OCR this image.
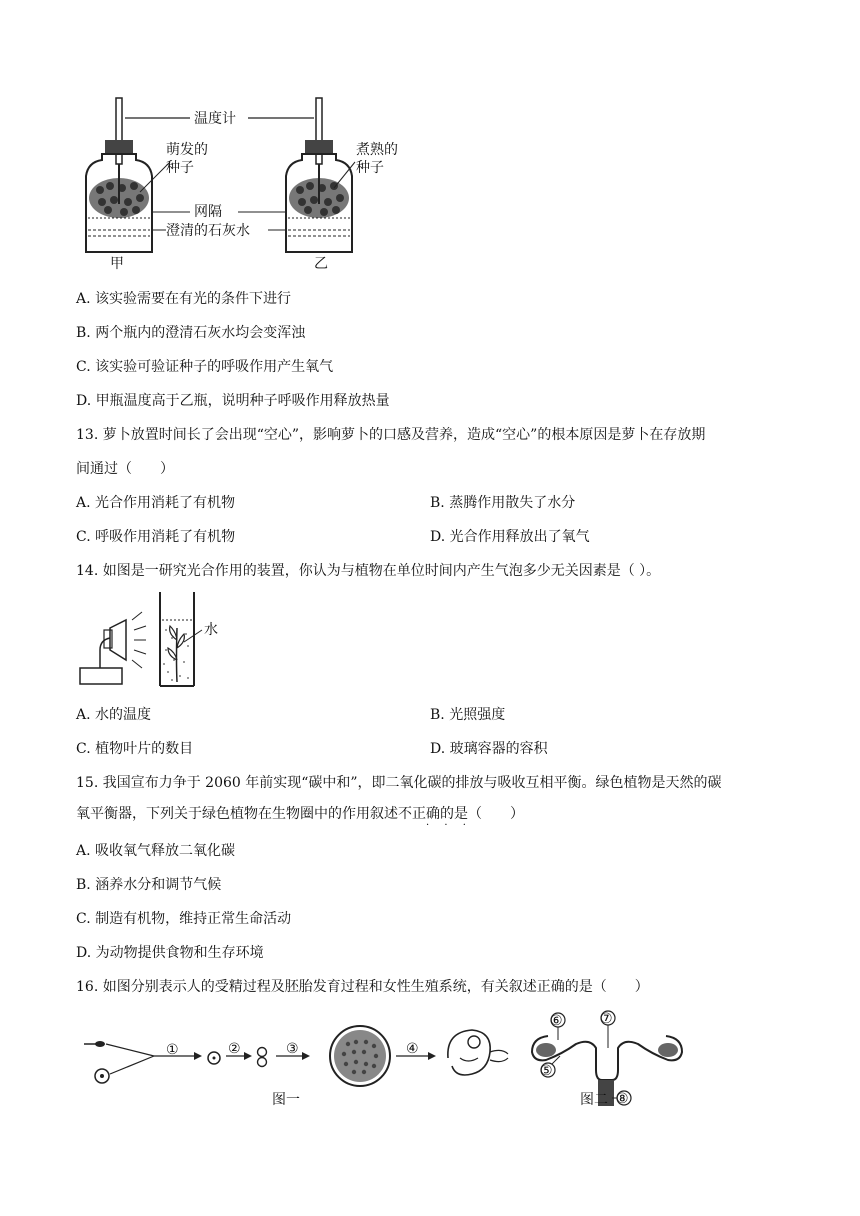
温度计
萌发的
种子
煮熟的
种子
网隔
澄清的石灰水
甲	乙
A. 该实验需要在有光的条件下进行
B. 两个瓶内的澄清石灰水均会变浑浊
C. 该实验可验证种子的呼吸作用产生氧气
D. 甲瓶温度高于乙瓶，说明种子呼吸作用释放热量
13. 萝卜放置时间长了会出现“空心”，影响萝卜的口感及营养，造成“空心”的根本原因是萝卜在存放期
间通过（　　）
A. 光合作用消耗了有机物	B. 蒸腾作用散失了水分
C. 呼吸作用消耗了有机物	D. 光合作用释放出了氧气
14. 如图是一研究光合作用的装置，你认为与植物在单位时间内产生气泡多少无关因素是（ ）。
水
A. 水的温度	B. 光照强度
C. 植物叶片的数目	D. 玻璃容器的容积
15. 我国宣布力争于 2060 年前实现“碳中和”，即二氧化碳的排放与吸收互相平衡。绿色植物是天然的碳
氧平衡器，下列关于绿色植物在生物圈中的作用叙述不正确的是（　　）
· · ·
A. 吸收氧气释放二氧化碳
B. 涵养水分和调节气候
C. 制造有机物，维持正常生命活动
D. 为动物提供食物和生存环境
16. 如图分别表示人的受精过程及胚胎发育过程和女性生殖系统，有关叙述正确的是（　　）
①	②	③	④
图一
⑥	⑦
⑤
⑧
图二
